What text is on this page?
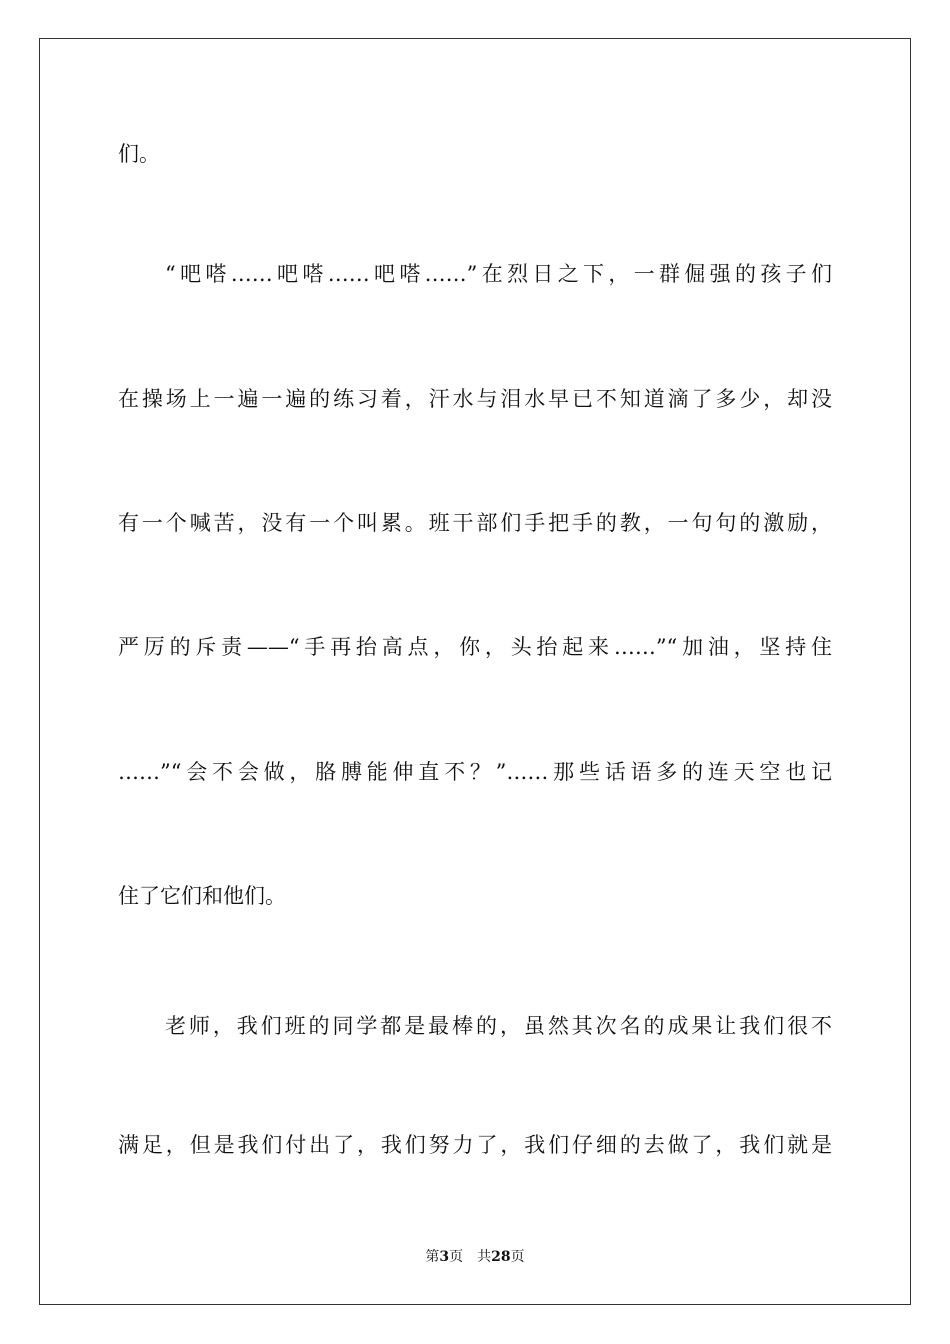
们。
“吧嗒……吧嗒……吧嗒……”在烈日之下，一群倔强的孩子们
在操场上一遍一遍的练习着，汗水与泪水早已不知道滴了多少，却没
有一个喊苦，没有一个叫累。班干部们手把手的教，一句句的激励，
严厉的斥责——“手再抬高点，你，头抬起来……”“加油，坚持住
……”“会不会做，胳膊能伸直不？”……那些话语多的连天空也记
住了它们和他们。
老师，我们班的同学都是最棒的，虽然其次名的成果让我们很不
满足，但是我们付出了，我们努力了，我们仔细的去做了，我们就是
第3页 共28页
